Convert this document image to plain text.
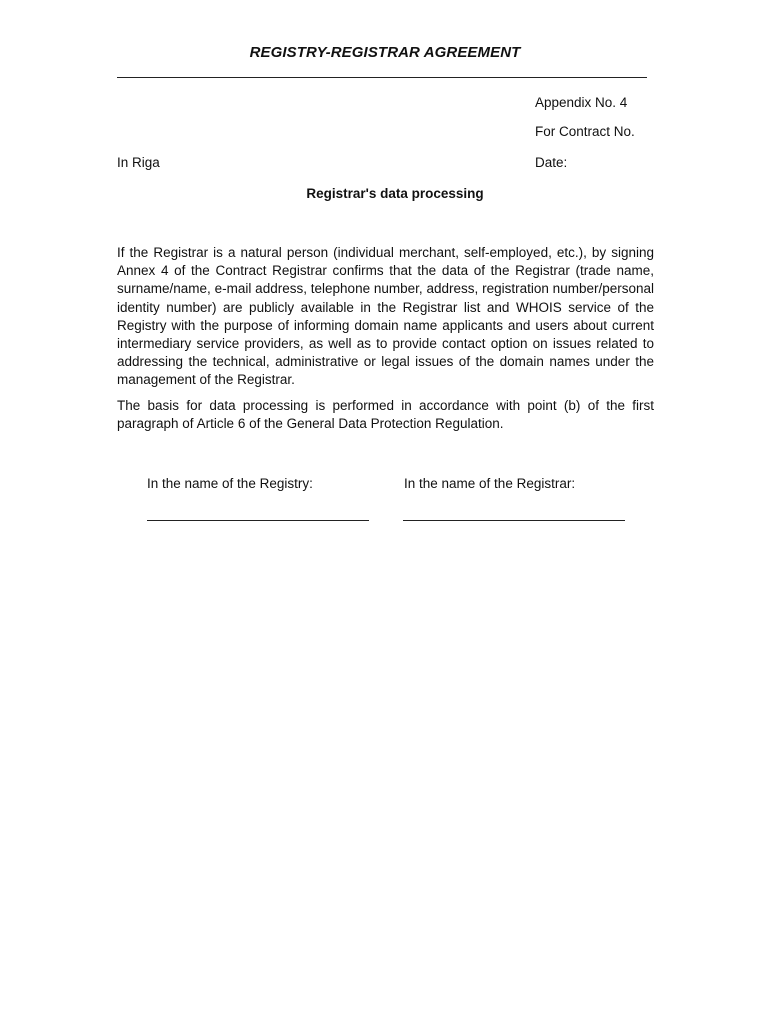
REGISTRY-REGISTRAR AGREEMENT
Appendix No. 4
For Contract No.
In Riga	Date:
Registrar's data processing
If the Registrar is a natural person (individual merchant, self-employed, etc.), by signing Annex 4 of the Contract Registrar confirms that the data of the Registrar (trade name, surname/name, e-mail address, telephone number, address, registration number/personal identity number) are publicly available in the Registrar list and WHOIS service of the Registry with the purpose of informing domain name applicants and users about current intermediary service providers, as well as to provide contact option on issues related to addressing the technical, administrative or legal issues of the domain names under the management of the Registrar.
The basis for data processing is performed in accordance with point (b) of the first paragraph of Article 6 of the General Data Protection Regulation.
In the name of the Registry:	In the name of the Registrar:
